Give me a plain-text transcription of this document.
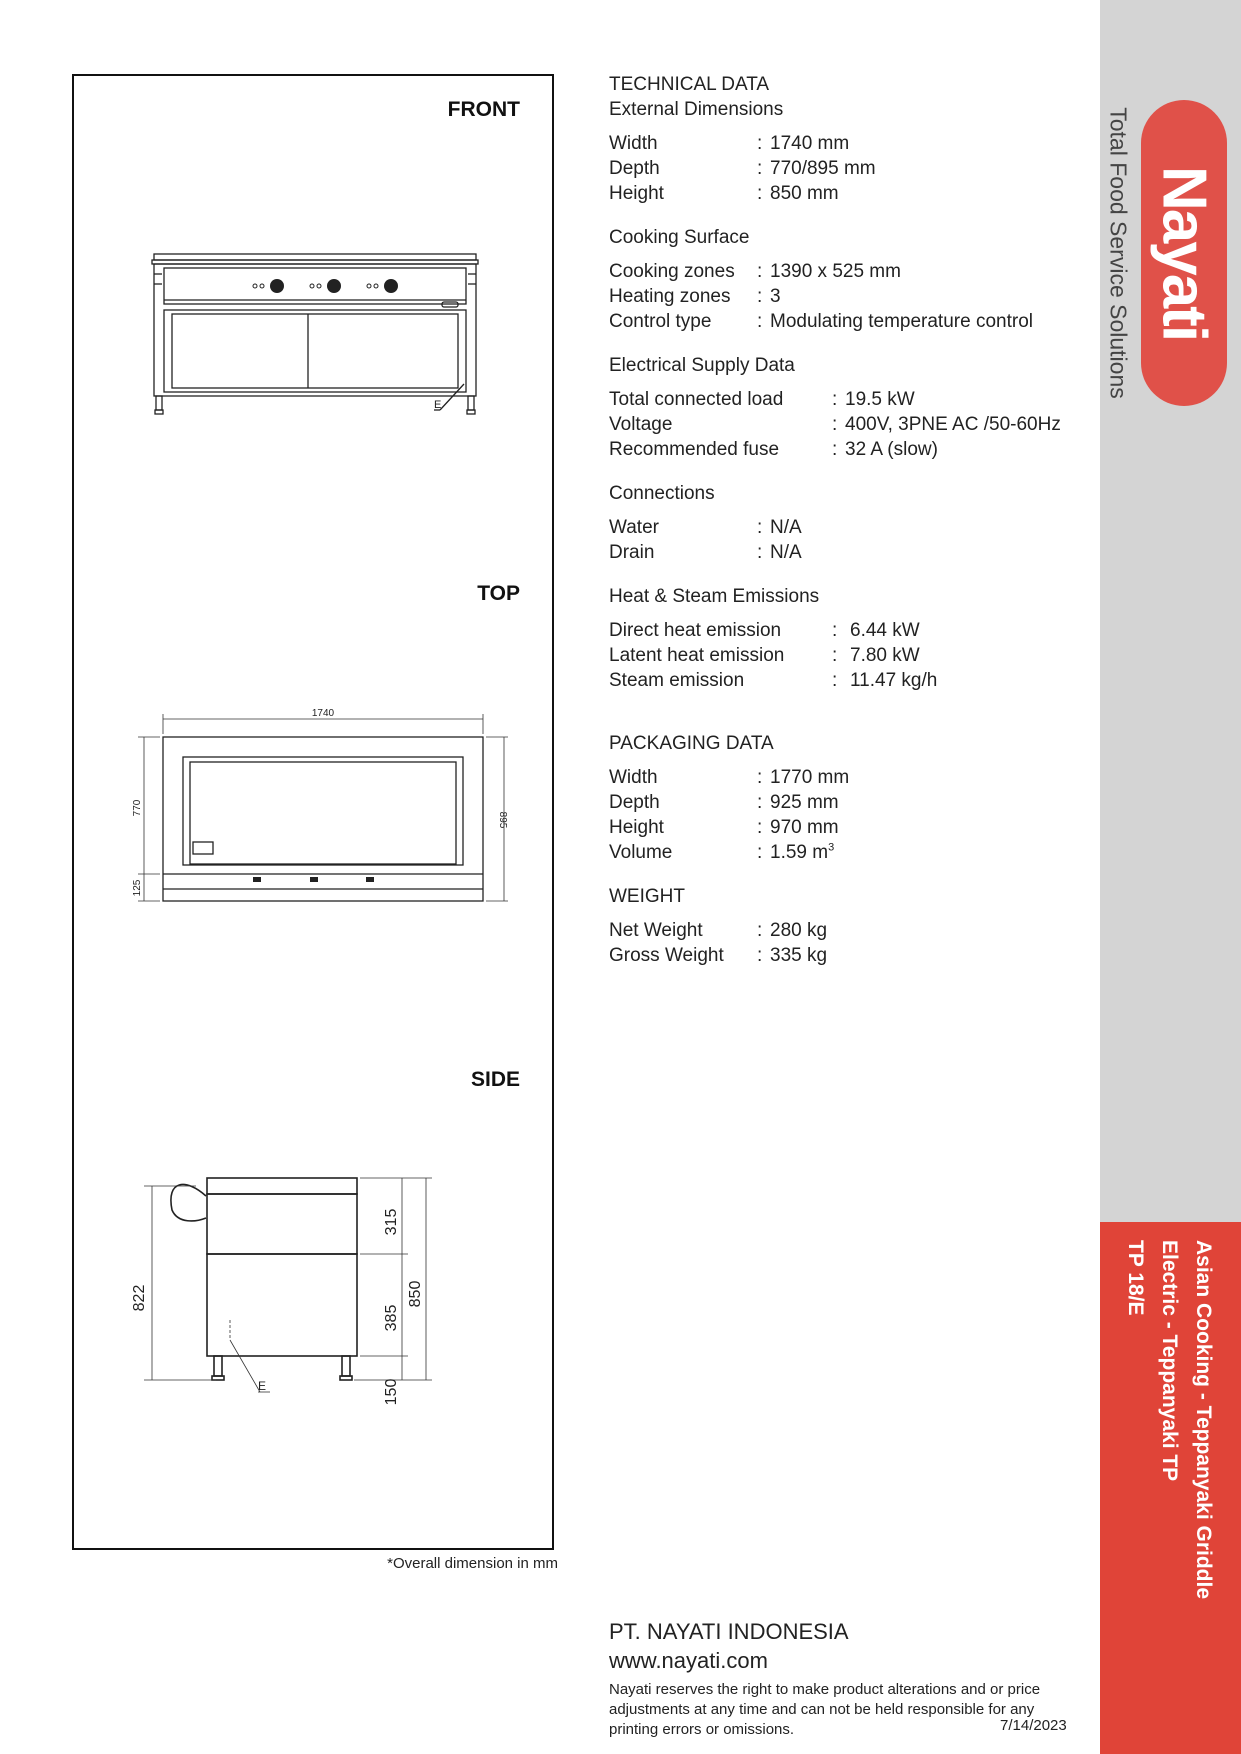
FRONT
TOP
SIDE
E
1740
770
125
895
822
315
385
150
850
E
*Overall dimension in mm
TECHNICAL DATA
External Dimensions
Width	: 1740 mm
Depth	: 770/895 mm
Height	: 850 mm
Cooking Surface
Cooking zones	: 1390 x 525 mm
Heating zones	: 3
Control type	: Modulating temperature control
Electrical Supply Data
Total connected load	: 19.5 kW
Voltage	: 400V, 3PNE AC /50-60Hz
Recommended fuse	: 32 A (slow)
Connections
Water	: N/A
Drain	: N/A
Heat & Steam Emissions
Direct heat emission	: 6.44 kW
Latent heat emission	: 7.80 kW
Steam emission	: 11.47 kg/h
PACKAGING DATA
Width	: 1770 mm
Depth	: 925 mm
Height	: 970 mm
Volume	: 1.59 $m^3$
WEIGHT
Net Weight	: 280 kg
Gross Weight	: 335 kg
PT. NAYATI INDONESIA
www.nayati.com
Nayati reserves the right to make product alterations and or price adjustments at any time and can not be held responsible for any printing errors or omissions.	7/14/2023
Nayati
Total Food Service Solutions
Asian Cooking - Teppanyaki Griddle
Electric - Teppanyaki TP
TP 18/E
